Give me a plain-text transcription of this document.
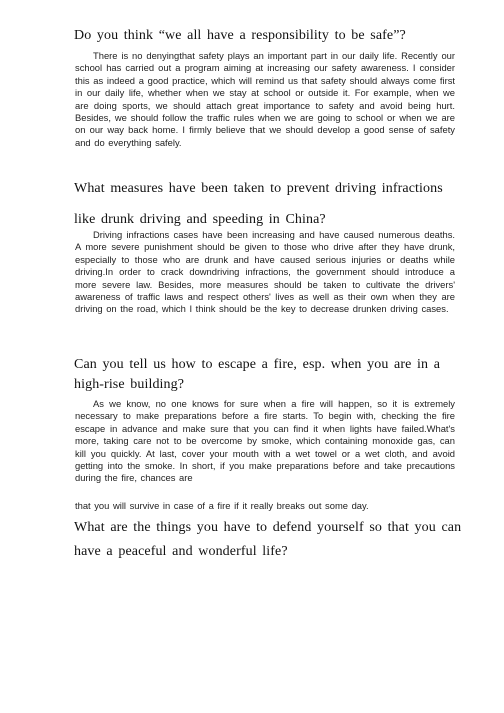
Do you think “we all have a responsibility to be safe”?
There is no denyingthat safety plays an important part in our daily life. Recently our school has carried out a program aiming at increasing our safety awareness. I consider this as indeed a good practice, which will remind us that safety should always come first in our daily life, whether when we stay at school or outside it. For example, when we are doing sports, we should attach great importance to safety and avoid being hurt. Besides, we should follow the traffic rules when we are going to school or when we are on our way back home. I firmly believe that we should develop a good sense of safety and do everything safely.
What measures have been taken to prevent driving infractions
like drunk driving and speeding in China?
Driving infractions cases have been increasing and have caused numerous deaths. A more severe punishment should be given to those who drive after they have drunk, especially to those who are drunk and have caused serious injuries or deaths while driving.In order to crack downdriving infractions, the government should introduce a more severe law. Besides, more measures should be taken to cultivate the drivers' awareness of traffic laws and respect others' lives as well as their own when they are driving on the road, which I think should be the key to decrease drunken driving cases.
Can you tell us how to escape a fire, esp. when you are in a
high-rise building?
As we know, no one knows for sure when a fire will happen, so it is extremely necessary to make preparations before a fire starts. To begin with, checking the fire escape in advance and make sure that you can find it when lights have failed.What's more, taking care not to be overcome by smoke, which containing monoxide gas, can kill you quickly. At last, cover your mouth with a wet towel or a wet cloth, and avoid getting into the smoke. In short, if you make preparations before and take precautions during the fire, chances are
that you will survive in case of a fire if it really breaks out some day.
What are the things you have to defend yourself so that you can
have a peaceful and wonderful life?
